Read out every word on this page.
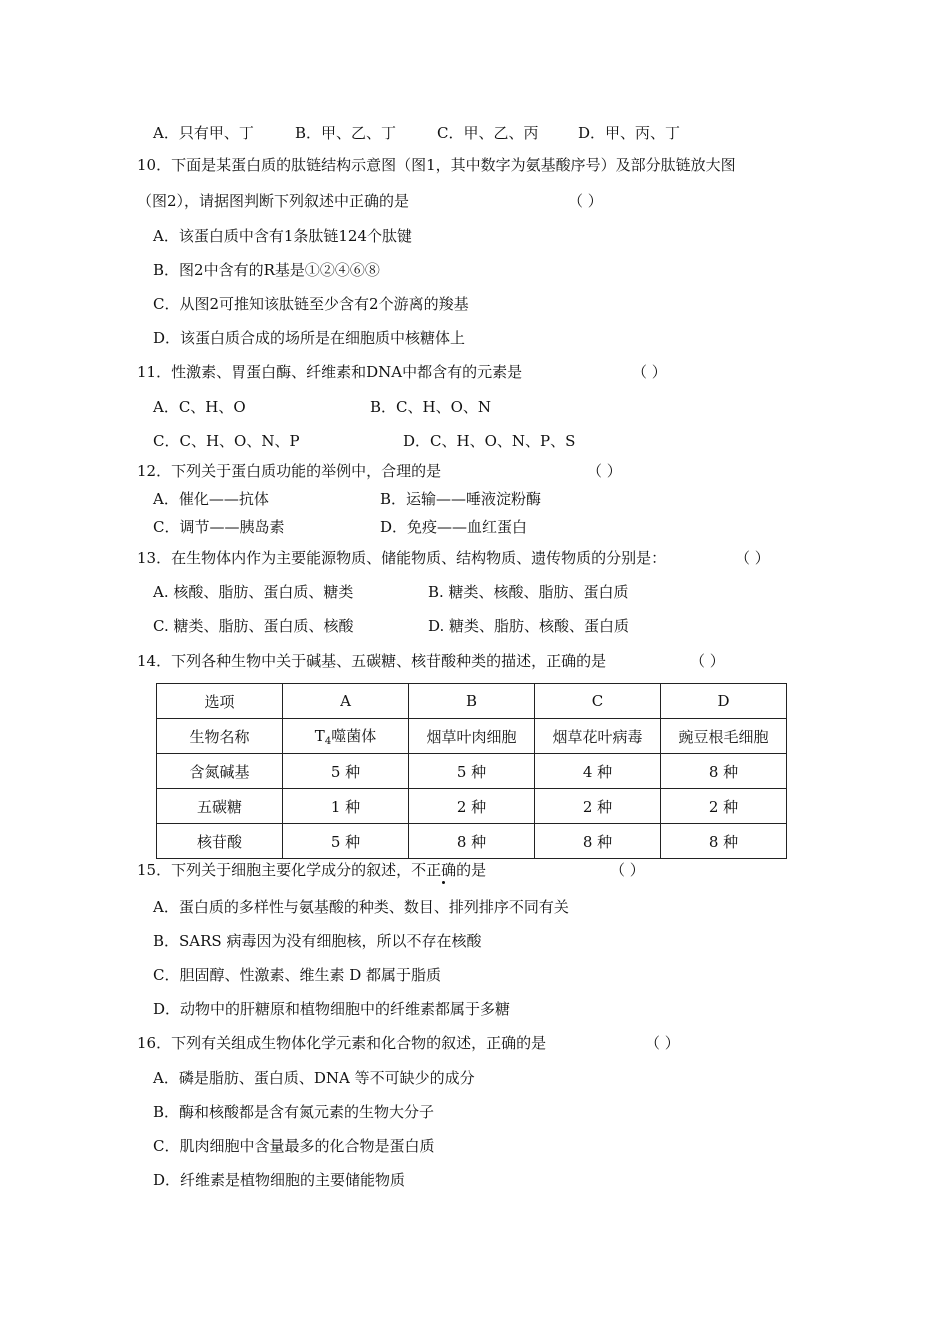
A．只有甲、丁	B．甲、乙、丁	C．甲、乙、丙	D．甲、丙、丁
10．下面是某蛋白质的肽链结构示意图（图1，其中数字为氨基酸序号）及部分肽链放大图
（图2），请据图判断下列叙述中正确的是	（ ）
A．该蛋白质中含有1条肽链124个肽键
B．图2中含有的R基是①②④⑥⑧
C．从图2可推知该肽链至少含有2个游离的羧基
D．该蛋白质合成的场所是在细胞质中核糖体上
11．性激素、胃蛋白酶、纤维素和DNA中都含有的元素是	（ ）
A．C、H、O	B．C、H、O、N
C．C、H、O、N、P	D．C、H、O、N、P、S
12．下列关于蛋白质功能的举例中，合理的是	（ ）
A．催化——抗体	B．运输——唾液淀粉酶
C．调节——胰岛素	D．免疫——血红蛋白
13．在生物体内作为主要能源物质、储能物质、结构物质、遗传物质的分别是：	（ ）
A. 核酸、脂肪、蛋白质、糖类	B. 糖类、核酸、脂肪、蛋白质
C. 糖类、脂肪、蛋白质、核酸	D. 糖类、脂肪、核酸、蛋白质
14．下列各种生物中关于碱基、五碳糖、核苷酸种类的描述，正确的是	（ ）
选项	A	B	C	D
生物名称	$T_4$噬菌体	烟草叶肉细胞	烟草花叶病毒	豌豆根毛细胞
含氮碱基	5 种	5 种	4 种	8 种
五碳糖	1 种	2 种	2 种	2 种
核苷酸	5 种	8 种	8 种	8 种
15．下列关于细胞主要化学成分的叙述，不正确的是	（ ）
A．蛋白质的多样性与氨基酸的种类、数目、排列排序不同有关
B．SARS 病毒因为没有细胞核，所以不存在核酸
C．胆固醇、性激素、维生素 D 都属于脂质
D．动物中的肝糖原和植物细胞中的纤维素都属于多糖
16．下列有关组成生物体化学元素和化合物的叙述，正确的是	（ ）
A．磷是脂肪、蛋白质、DNA 等不可缺少的成分
B．酶和核酸都是含有氮元素的生物大分子
C．肌肉细胞中含量最多的化合物是蛋白质
D．纤维素是植物细胞的主要储能物质
